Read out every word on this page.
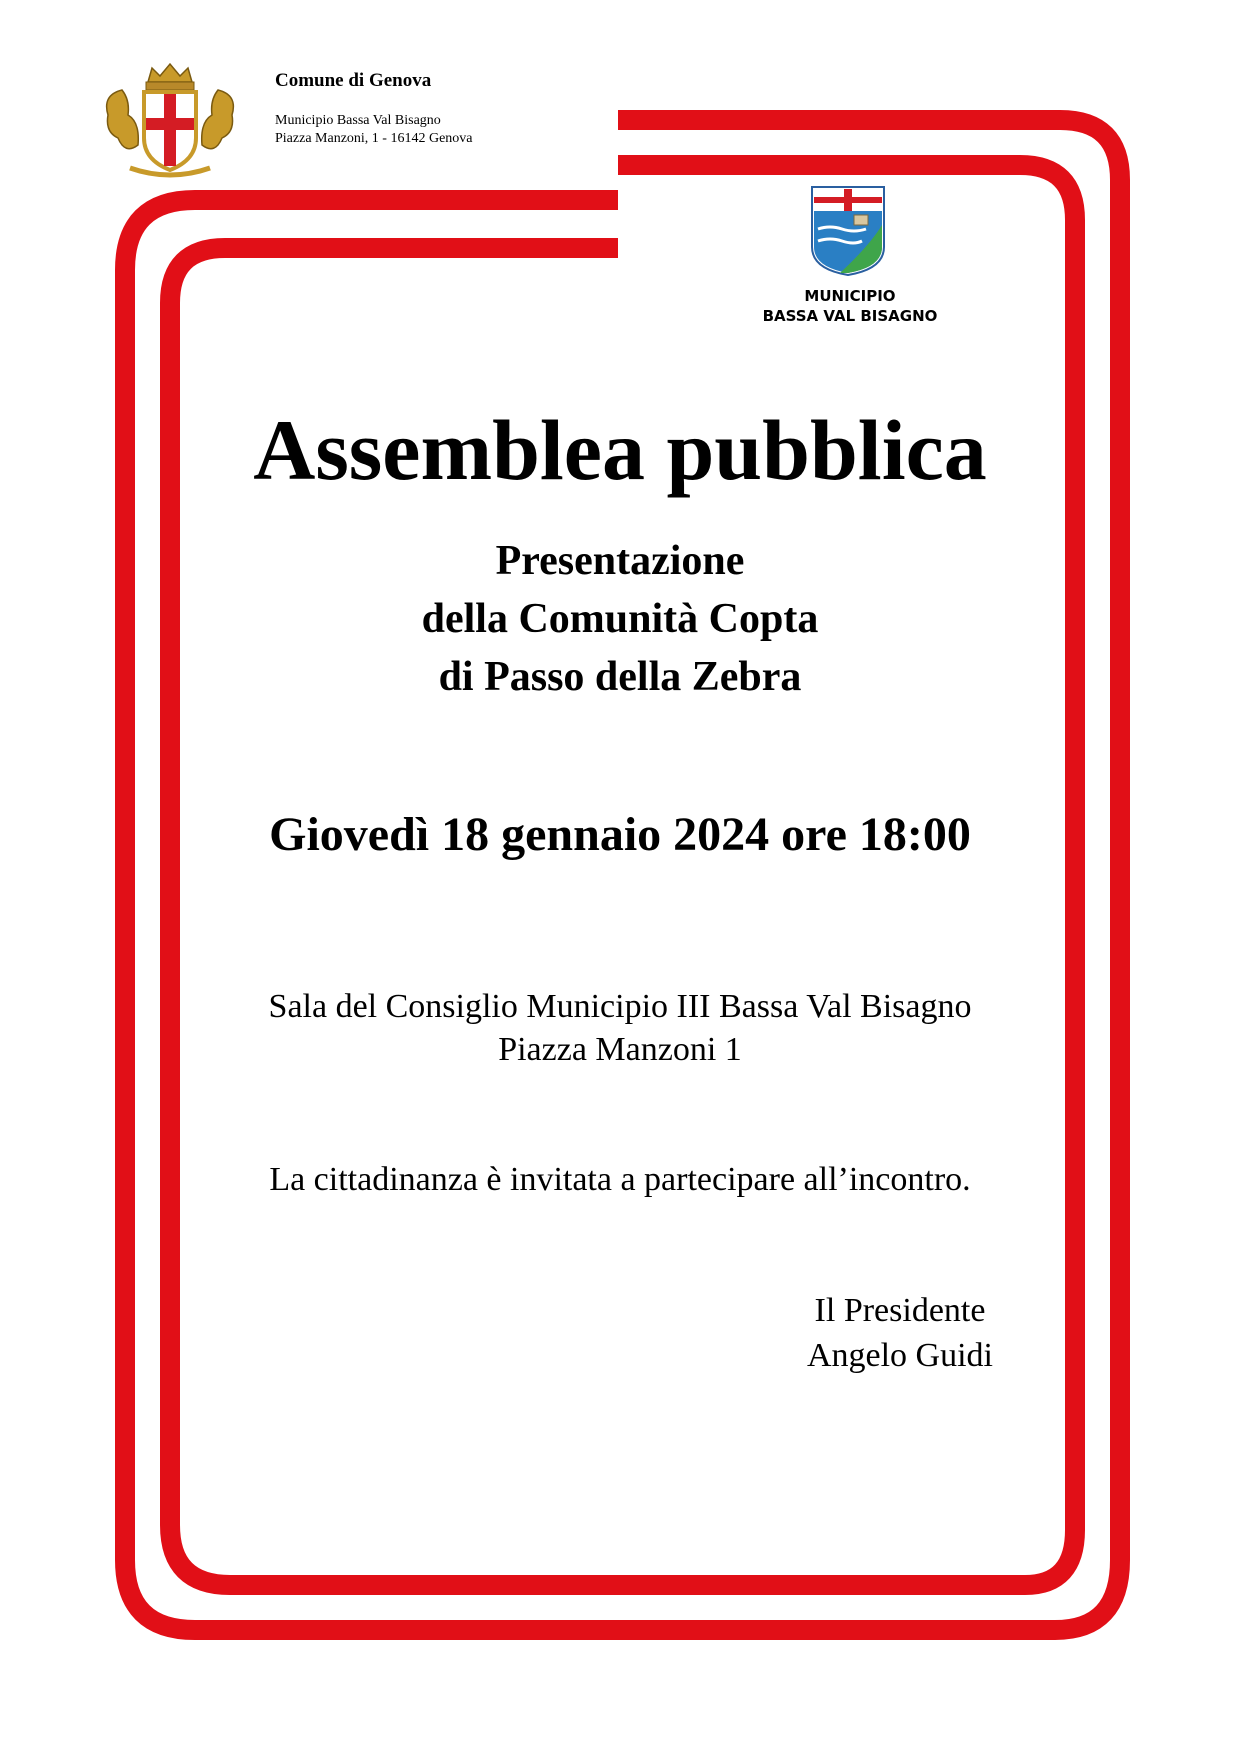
Comune di Genova
Municipio Bassa Val Bisagno
Piazza Manzoni, 1 - 16142 Genova
MUNICIPIO
BASSA VAL BISAGNO
Assemblea pubblica
Presentazione
della Comunità Copta
di Passo della Zebra
Giovedì 18 gennaio 2024 ore 18:00
Sala del Consiglio Municipio III Bassa Val Bisagno
Piazza Manzoni 1
La cittadinanza è invitata a partecipare all’incontro.
Il Presidente
Angelo Guidi
